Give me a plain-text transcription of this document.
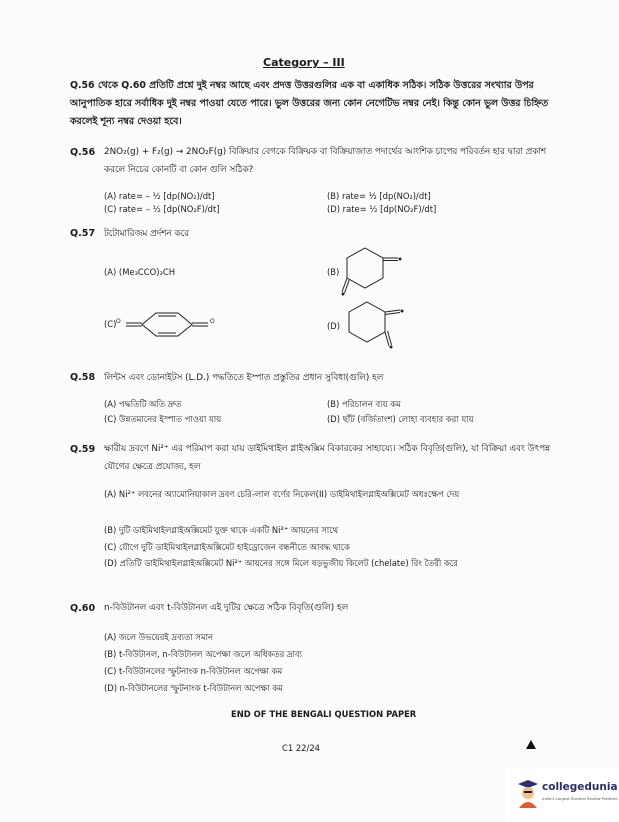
Category – III
Q.56 থেকে Q.60 প্রতিটি প্রশ্নে দুই নম্বর আছে এবং প্রদত্ত উত্তরগুলির এক বা একাধিক সঠিক। সঠিক উত্তরের সংখ্যার উপর আনুপাতিক হারে সর্বাধিক দুই নম্বর পাওয়া যেতে পারে। ভুল উত্তরের জন্য কোন নেগেটিভ নম্বর নেই। কিন্তু কোন ভুল উত্তর চিহ্নিত করলেই শূন্য নম্বর দেওয়া হবে।
Q.56 2NO₂(g) + F₂(g) → 2NO₂F(g) বিক্রিয়ার বেগকে বিক্রিয়ক বা বিক্রিয়াজাত পদার্থের আংশিক চাপের পরিবর্তন হার দ্বারা প্রকাশ করলে নিচের কোনটি বা কোন গুলি সঠিক?
(A) rate= – ½ [dp(NO₂)/dt]	(B) rate= ½ [dp(NO₂)/dt]
(C) rate= – ½ [dp(NO₂F)/dt]	(D) rate= ½ [dp(NO₂F)/dt]
Q.57 টটোমারিজম প্রর্দশন করে
(A) (Me₃CCO)₃CH	(B)
(C) O	O	(D)
Q.58 লিন্টস এবং ডোনাইটস (L.D.) পদ্ধতিতে ইস্পাত প্রস্তুতির প্রধান সুবিধা(গুলি) হল
(A) পদ্ধতিটি অতি দ্রুত	(B) পরিচালন ব্যয় কম
(C) উন্নতমানের ইস্পাত পাওয়া যায়	(D) ছাঁট (বর্জিতাংশ) লোহা ব্যবহার করা যায়
Q.59 ক্ষারীয় দ্রবণে Ni²⁺ এর পরিমাপ করা যায় ডাইমিথাইল গ্লাইঅক্সিম বিকারকের সাহায্যে। সঠিক বিবৃতি(গুলি), যা বিক্রিয়া এবং উৎপন্ন যৌগের ক্ষেত্রে প্রযোজ্য, হল
(A) Ni²⁺ লবনের অ্যামোনিয়াকাল দ্রবণ চেরি-লাল বর্ণের নিকেল(II) ডাইমিথাইলগ্লাইঅক্সিমেট অধঃক্ষেপ দেয়
(B) দুটি ডাইমিথাইলগ্লাইঅক্সিমেট যুক্ত থাকে একটি Ni²⁺ আয়নের সাথে
(C) যৌগে দুটি ডাইমিথাইলগ্লাইঅক্সিমেট হাইড্রোজেন বন্ধনীতে আবদ্ধ থাকে
(D) প্রতিটি ডাইমিথাইলগ্লাইঅক্সিমেট Ni²⁺ আয়নের সঙ্গে মিলে ষড়ভুজীয় কিলেট (chelate) রিং তৈরী করে
Q.60 n-বিউটানল এবং t-বিউটানল এই দুটির ক্ষেত্রে সঠিক বিবৃতি(গুলি) হল
(A) জলে উভয়েরই দ্রব্যতা সমান
(B) t-বিউটানল, n-বিউটানল অপেক্ষা জলে অধিকতর দ্রাব্য
(C) t-বিউটানলের স্ফুটনাংক n-বিউটানল অপেক্ষা কম
(D) n-বিউটানলের স্ফুটনাংক t-বিউটানল অপেক্ষা কম
END OF THE BENGALI QUESTION PAPER
C1 22/24
collegedunia
India's Largest Student Review Platform
